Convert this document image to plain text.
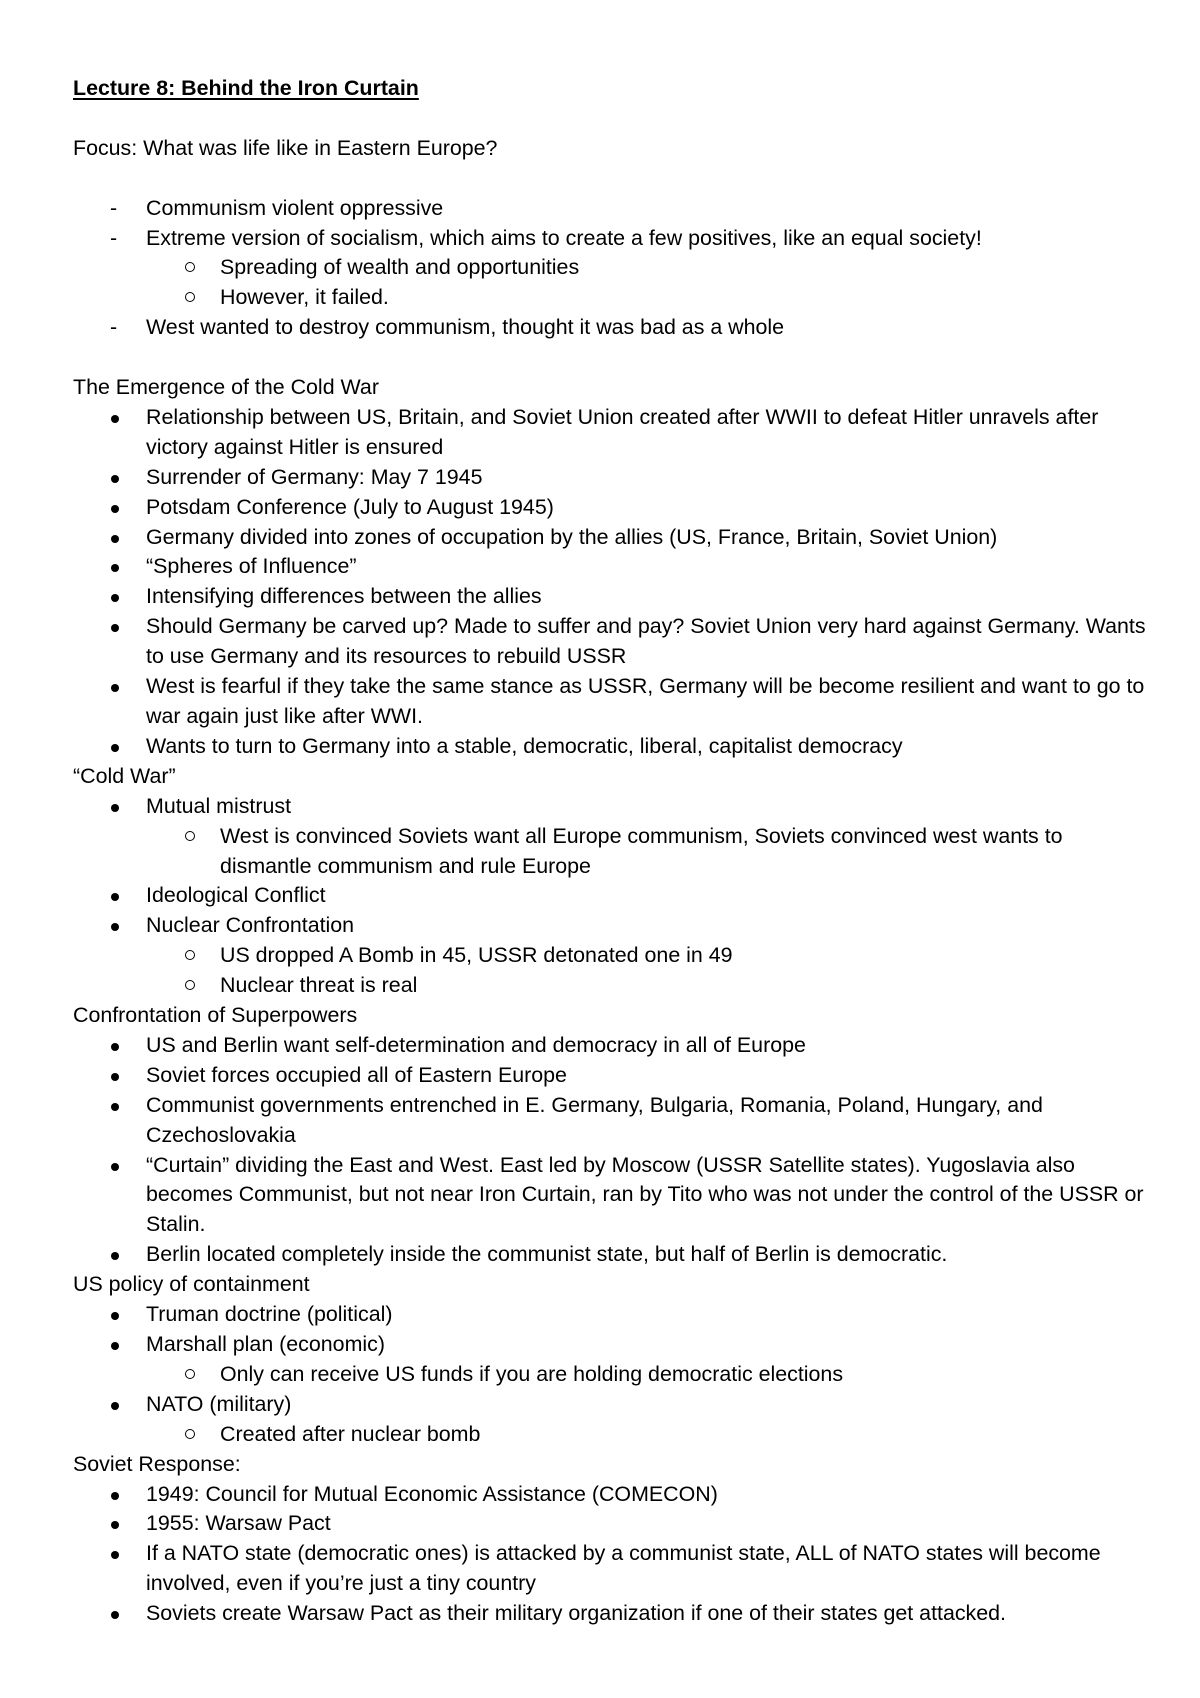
Lecture 8: Behind the Iron Curtain

Focus: What was life like in Eastern Europe?

-	Communism violent oppressive
-	Extreme version of socialism, which aims to create a few positives, like an equal society!
Spreading of wealth and opportunities
However, it failed.
-	West wanted to destroy communism, thought it was bad as a whole

The Emergence of the Cold War

Relationship between US, Britain, and Soviet Union created after WWII to defeat Hitler unravels after victory against Hitler is ensured
Surrender of Germany: May 7 1945
Potsdam Conference (July to August 1945)
Germany divided into zones of occupation by the allies (US, France, Britain, Soviet Union)
“Spheres of Influence”
Intensifying differences between the allies
Should Germany be carved up? Made to suffer and pay? Soviet Union very hard against Germany. Wants to use Germany and its resources to rebuild USSR
West is fearful if they take the same stance as USSR, Germany will be become resilient and want to go to war again just like after WWI.
Wants to turn to Germany into a stable, democratic, liberal, capitalist democracy

“Cold War”

Mutual mistrust
West is convinced Soviets want all Europe communism, Soviets convinced west wants to dismantle communism and rule Europe
Ideological Conflict
Nuclear Confrontation
US dropped A Bomb in 45, USSR detonated one in 49
Nuclear threat is real

Confrontation of Superpowers

US and Berlin want self-determination and democracy in all of Europe
Soviet forces occupied all of Eastern Europe
Communist governments entrenched in E. Germany, Bulgaria, Romania, Poland, Hungary, and Czechoslovakia
“Curtain” dividing the East and West. East led by Moscow (USSR Satellite states). Yugoslavia also becomes Communist, but not near Iron Curtain, ran by Tito who was not under the control of the USSR or Stalin.
Berlin located completely inside the communist state, but half of Berlin is democratic.

US policy of containment

Truman doctrine (political)
Marshall plan (economic)
Only can receive US funds if you are holding democratic elections
NATO (military)
Created after nuclear bomb

Soviet Response:

1949: Council for Mutual Economic Assistance (COMECON)
1955: Warsaw Pact
If a NATO state (democratic ones) is attacked by a communist state, ALL of NATO states will become involved, even if you’re just a tiny country
Soviets create Warsaw Pact as their military organization if one of their states get attacked.
